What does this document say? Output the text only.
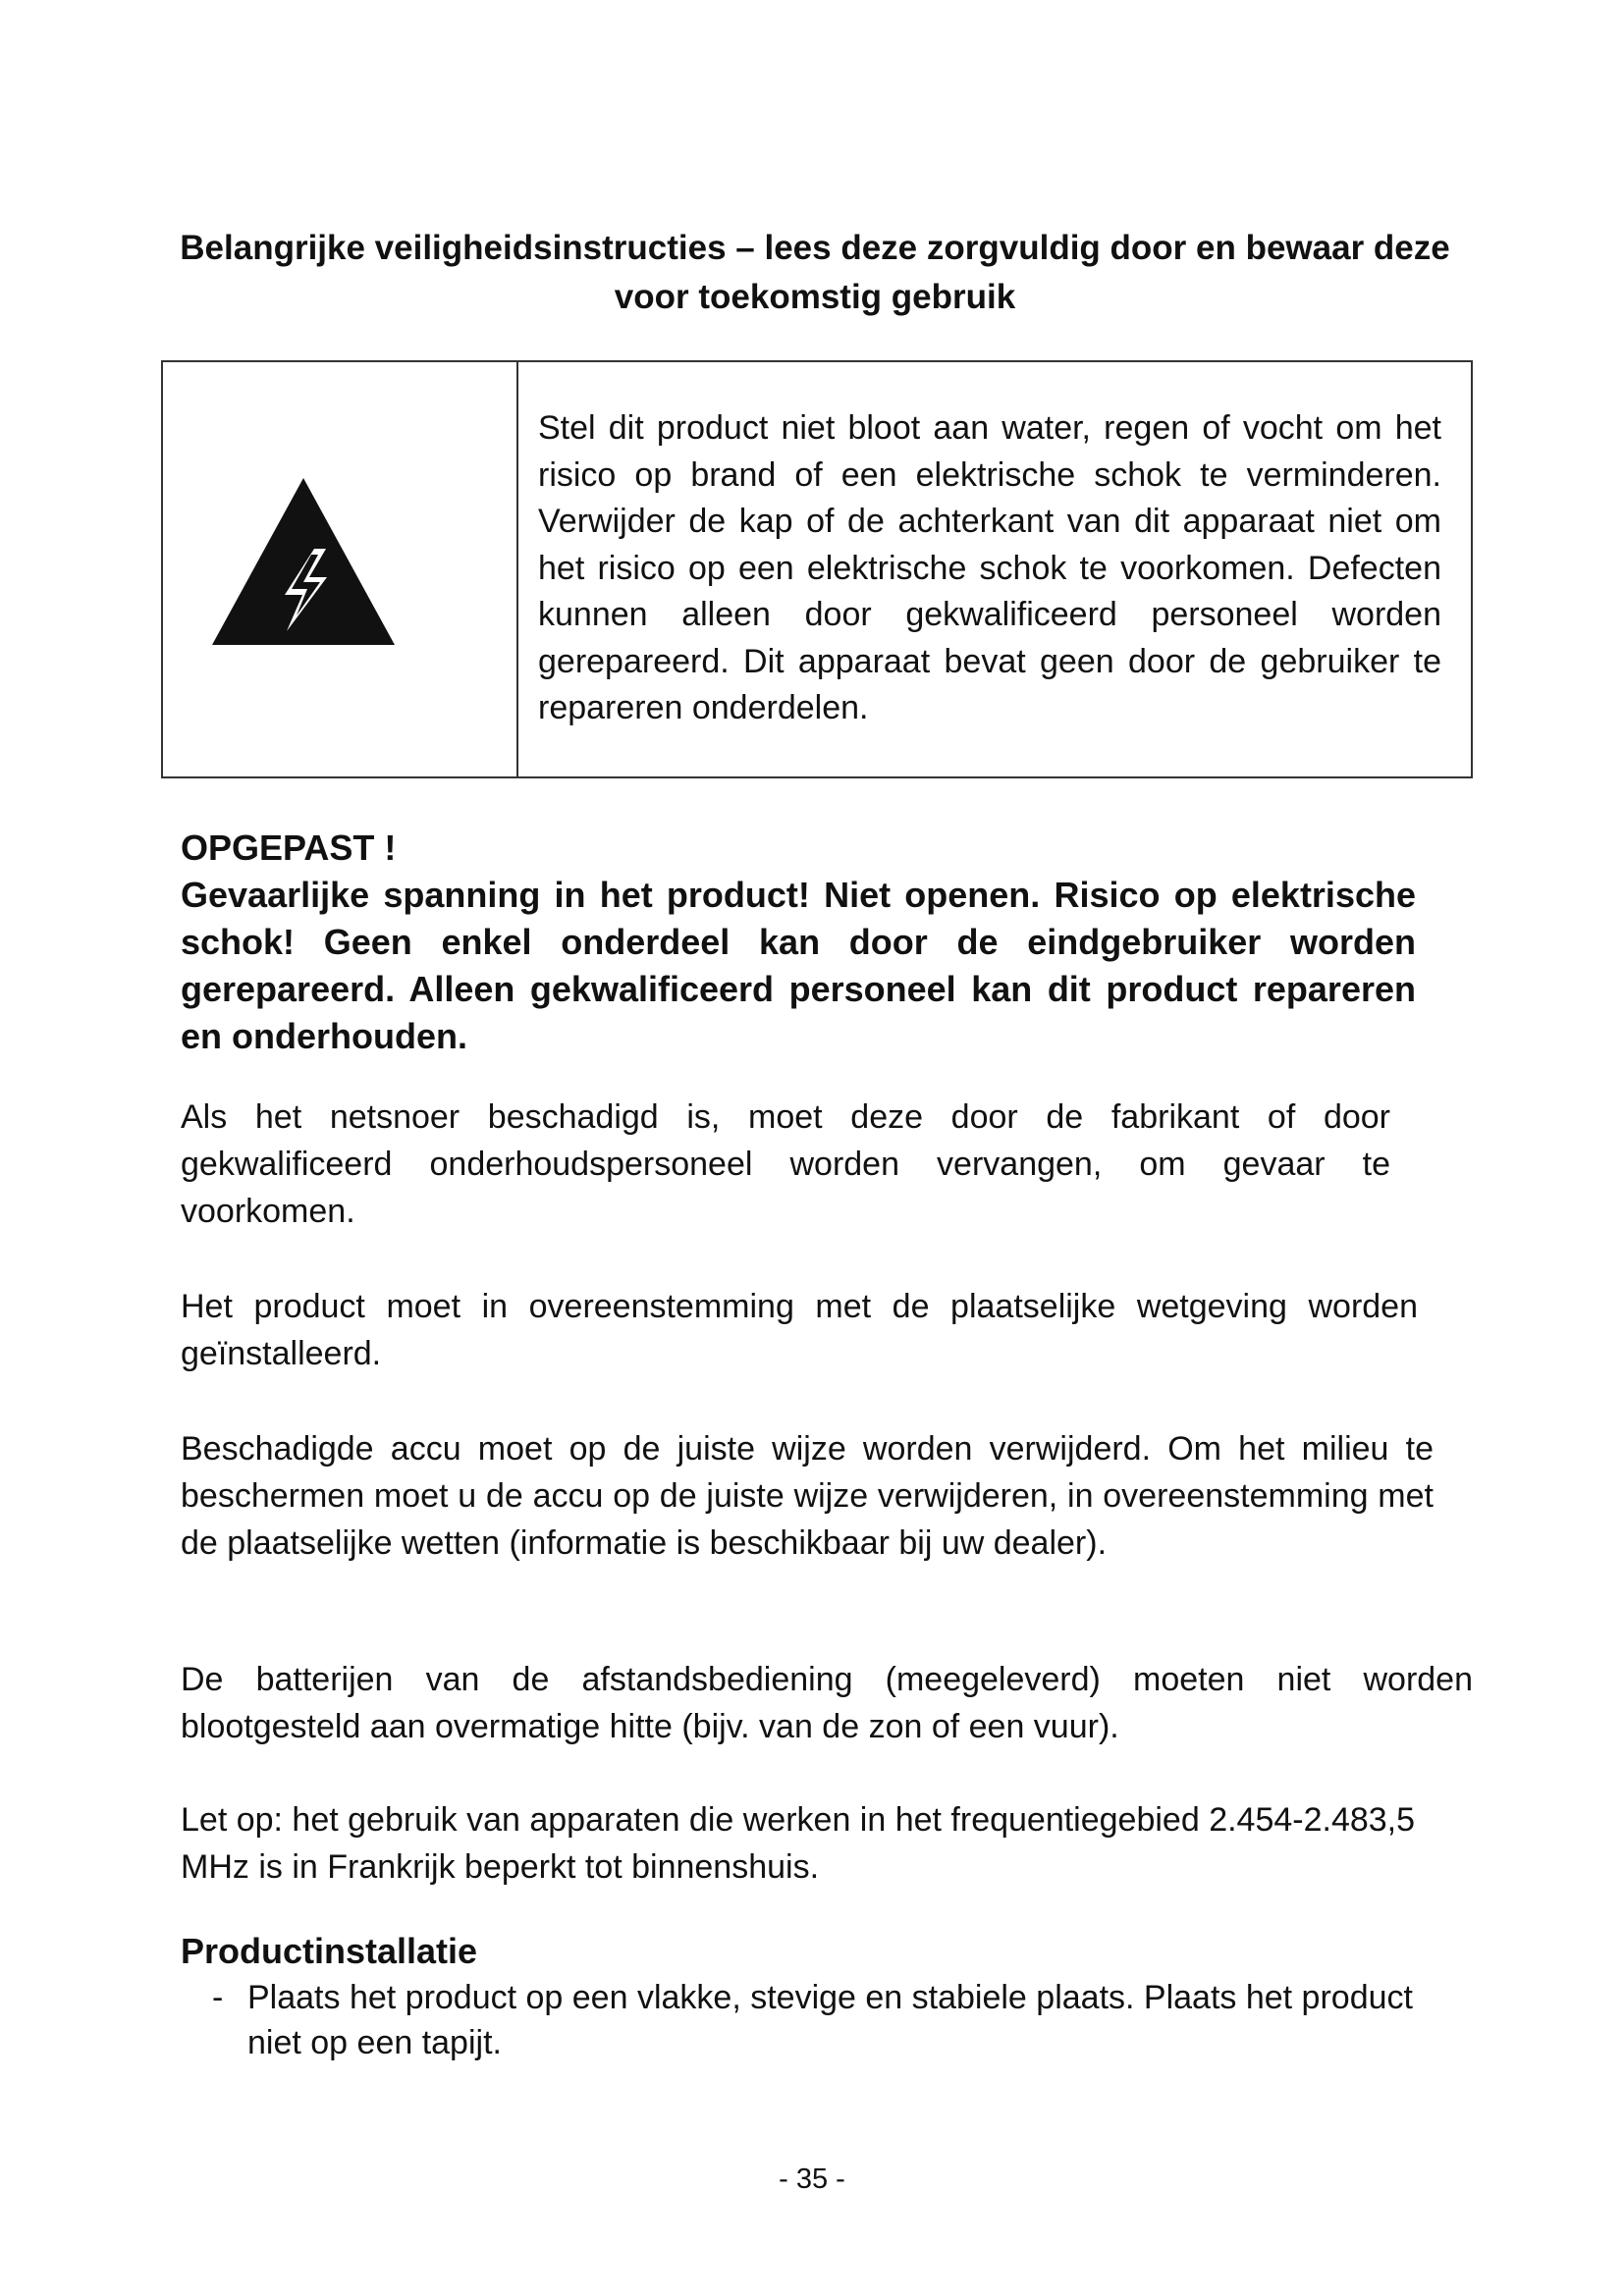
Belangrijke veiligheidsinstructies – lees deze zorgvuldig door en bewaar deze voor toekomstig gebruik
Stel dit product niet bloot aan water, regen of vocht om het risico op brand of een elektrische schok te verminderen. Verwijder de kap of de achterkant van dit apparaat niet om het risico op een elektrische schok te voorkomen. Defecten kunnen alleen door gekwalificeerd personeel worden gerepareerd. Dit apparaat bevat geen door de gebruiker te repareren onderdelen.
OPGEPAST !
Gevaarlijke spanning in het product! Niet openen. Risico op elektrische schok! Geen enkel onderdeel kan door de eindgebruiker worden gerepareerd. Alleen gekwalificeerd personeel kan dit product repareren en onderhouden.

Als het netsnoer beschadigd is, moet deze door de fabrikant of door gekwalificeerd onderhoudspersoneel worden vervangen, om gevaar te voorkomen.

Het product moet in overeenstemming met de plaatselijke wetgeving worden geïnstalleerd.

Beschadigde accu moet op de juiste wijze worden verwijderd. Om het milieu te beschermen moet u de accu op de juiste wijze verwijderen, in overeenstemming met de plaatselijke wetten (informatie is beschikbaar bij uw dealer).

De batterijen van de afstandsbediening (meegeleverd) moeten niet worden blootgesteld aan overmatige hitte (bijv. van de zon of een vuur).

Let op: het gebruik van apparaten die werken in het frequentiegebied 2.454-2.483,5 MHz is in Frankrijk beperkt tot binnenshuis.

Productinstallatie
- Plaats het product op een vlakke, stevige en stabiele plaats. Plaats het product niet op een tapijt.
- 35 -
